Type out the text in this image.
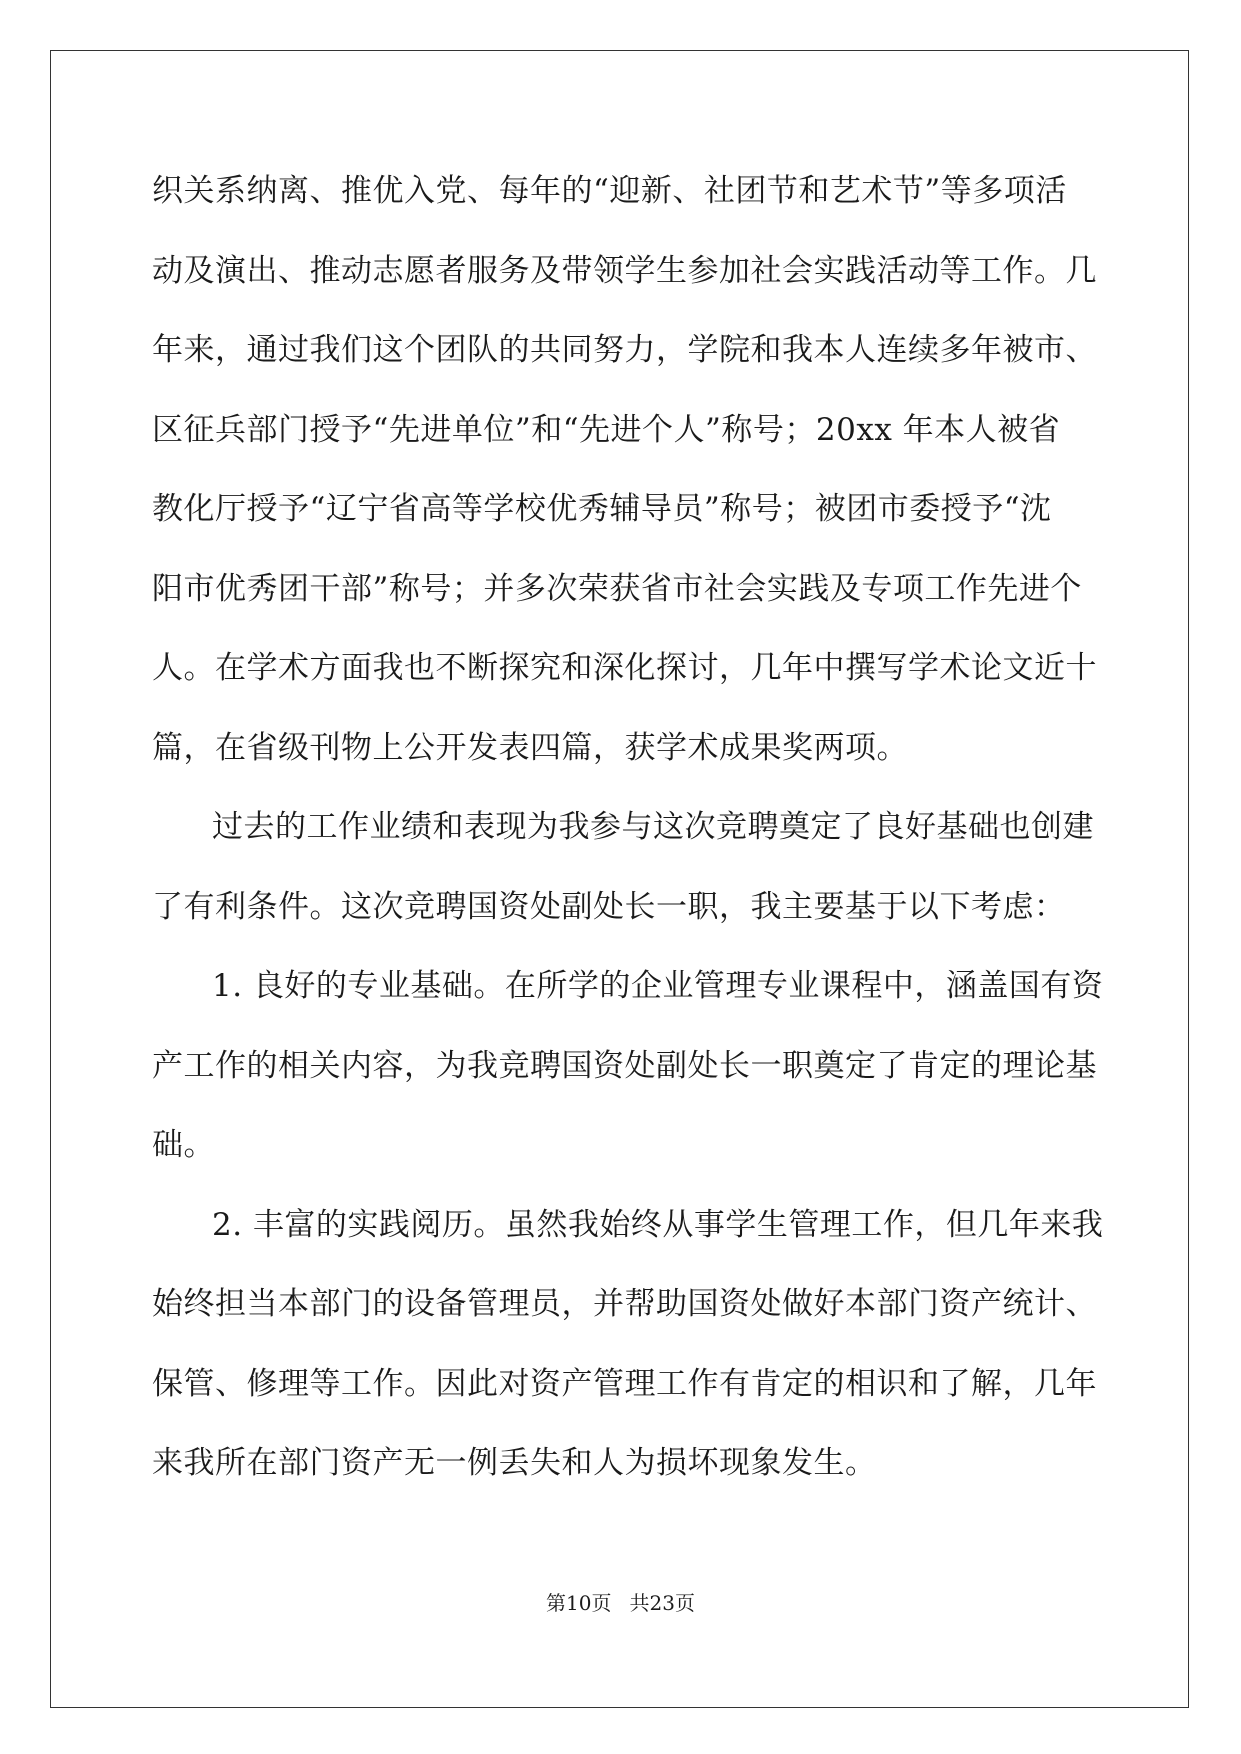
织关系纳离、推优入党、每年的“迎新、社团节和艺术节”等多项活
动及演出、推动志愿者服务及带领学生参加社会实践活动等工作。几
年来，通过我们这个团队的共同努力，学院和我本人连续多年被市、
区征兵部门授予“先进单位”和“先进个人”称号；20xx 年本人被省
教化厅授予“辽宁省高等学校优秀辅导员”称号；被团市委授予“沈
阳市优秀团干部”称号；并多次荣获省市社会实践及专项工作先进个
人。在学术方面我也不断探究和深化探讨，几年中撰写学术论文近十
篇，在省级刊物上公开发表四篇，获学术成果奖两项。
过去的工作业绩和表现为我参与这次竞聘奠定了良好基础也创建
了有利条件。这次竞聘国资处副处长一职，我主要基于以下考虑：
1. 良好的专业基础。在所学的企业管理专业课程中，涵盖国有资
产工作的相关内容，为我竞聘国资处副处长一职奠定了肯定的理论基
础。
2. 丰富的实践阅历。虽然我始终从事学生管理工作，但几年来我
始终担当本部门的设备管理员，并帮助国资处做好本部门资产统计、
保管、修理等工作。因此对资产管理工作有肯定的相识和了解，几年
来我所在部门资产无一例丢失和人为损坏现象发生。
第10页 共23页
